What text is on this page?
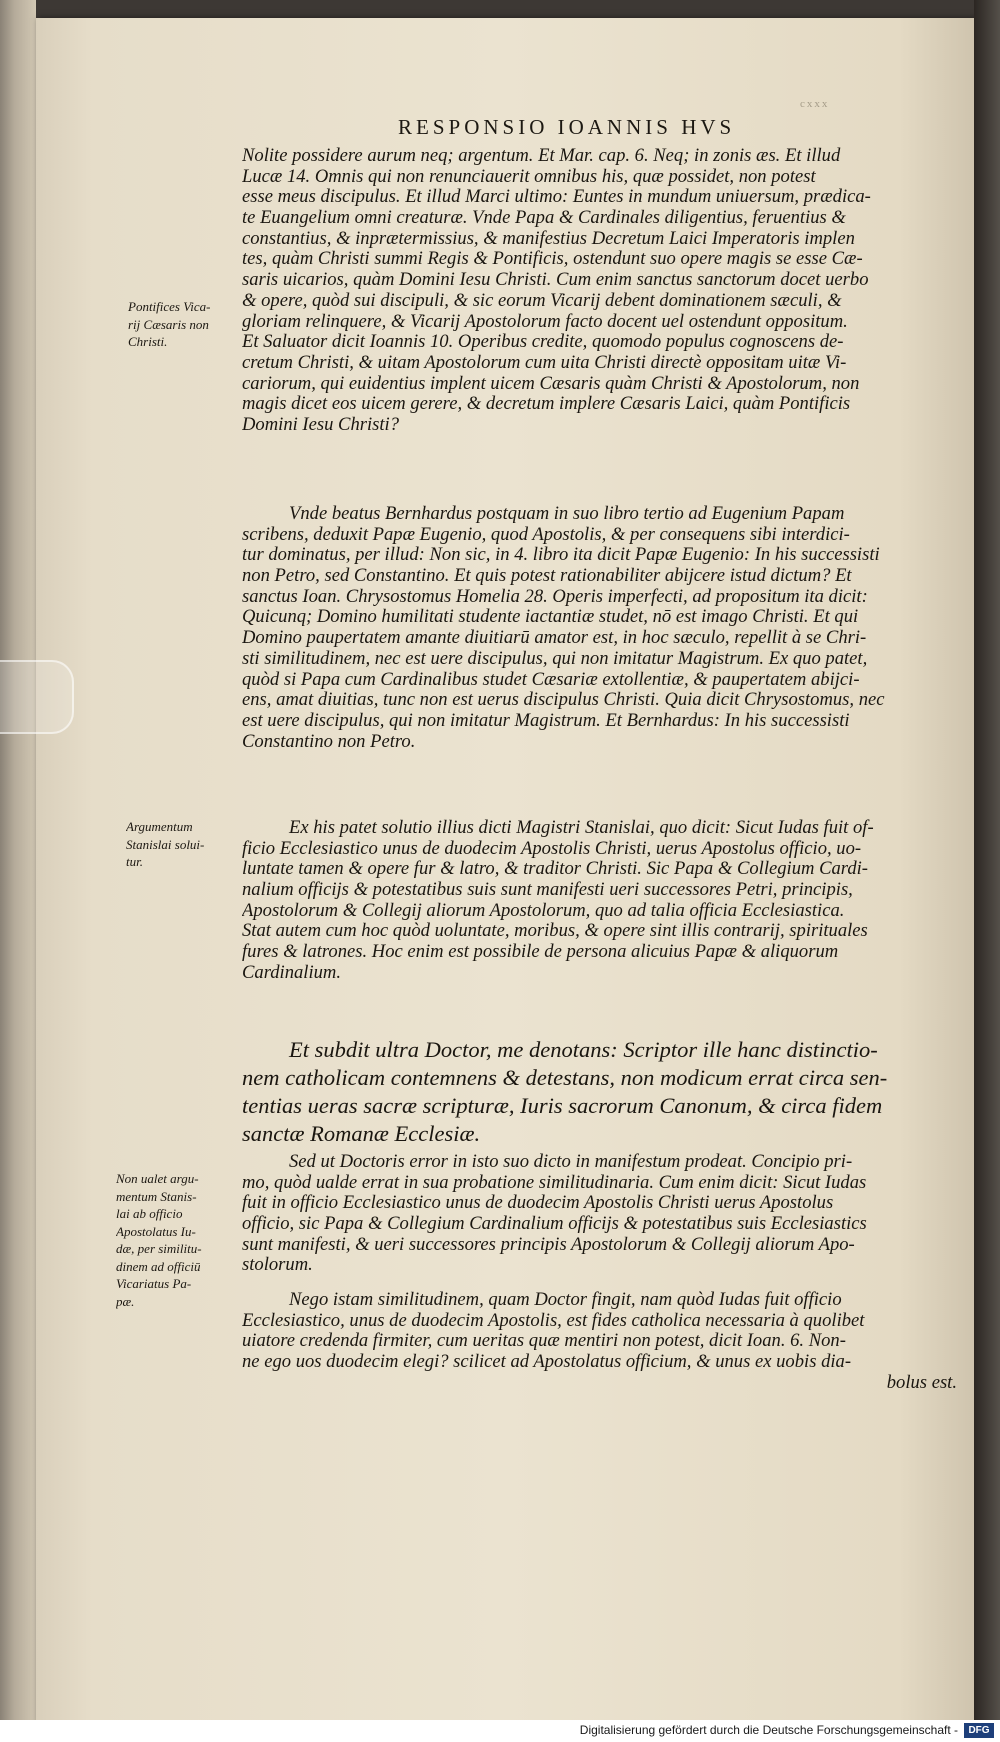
cxxx
RESPONSIO IOANNIS HVS
Nolite possidere aurum neq; argentum. Et Mar. cap. 6. Neq; in zonis æs. Et illud
Lucæ 14. Omnis qui non renunciauerit omnibus his, quæ possidet, non potest
esse meus discipulus. Et illud Marci ultimo: Euntes in mundum uniuersum, prædica-
te Euangelium omni creaturæ. Vnde Papa & Cardinales diligentius, feruentius &
constantius, & inprætermissius, & manifestius Decretum Laici Imperatoris implen
tes, quàm Christi summi Regis & Pontificis, ostendunt suo opere magis se esse Cæ-
saris uicarios, quàm Domini Iesu Christi. Cum enim sanctus sanctorum docet uerbo
& opere, quòd sui discipuli, & sic eorum Vicarij debent dominationem sæculi, &
gloriam relinquere, & Vicarij Apostolorum facto docent uel ostendunt oppositum.
Et Saluator dicit Ioannis 10. Operibus credite, quomodo populus cognoscens de-
cretum Christi, & uitam Apostolorum cum uita Christi directè oppositam uitæ Vi-
cariorum, qui euidentius implent uicem Cæsaris quàm Christi & Apostolorum, non
magis dicet eos uicem gerere, & decretum implere Cæsaris Laici, quàm Pontificis
Domini Iesu Christi?
Vnde beatus Bernhardus postquam in suo libro tertio ad Eugenium Papam
scribens, deduxit Papæ Eugenio, quod Apostolis, & per consequens sibi interdici-
tur dominatus, per illud: Non sic, in 4. libro ita dicit Papæ Eugenio: In his successisti
non Petro, sed Constantino. Et quis potest rationabiliter abijcere istud dictum? Et
sanctus Ioan. Chrysostomus Homelia 28. Operis imperfecti, ad propositum ita dicit:
Quicunq; Domino humilitati studente iactantiæ studet, nō est imago Christi. Et qui
Domino paupertatem amante diuitiarū amator est, in hoc sæculo, repellit à se Chri-
sti similitudinem, nec est uere discipulus, qui non imitatur Magistrum. Ex quo patet,
quòd si Papa cum Cardinalibus studet Cæsariæ extollentiæ, & paupertatem abijci-
ens, amat diuitias, tunc non est uerus discipulus Christi. Quia dicit Chrysostomus, nec
est uere discipulus, qui non imitatur Magistrum. Et Bernhardus: In his successisti
Constantino non Petro.
Ex his patet solutio illius dicti Magistri Stanislai, quo dicit: Sicut Iudas fuit of-
ficio Ecclesiastico unus de duodecim Apostolis Christi, uerus Apostolus officio, uo-
luntate tamen & opere fur & latro, & traditor Christi. Sic Papa & Collegium Cardi-
nalium officijs & potestatibus suis sunt manifesti ueri successores Petri, principis,
Apostolorum & Collegij aliorum Apostolorum, quo ad talia officia Ecclesiastica.
Stat autem cum hoc quòd uoluntate, moribus, & opere sint illis contrarij, spirituales
fures & latrones. Hoc enim est possibile de persona alicuius Papæ & aliquorum
Cardinalium.
Et subdit ultra Doctor, me denotans: Scriptor ille hanc distinctio-
nem catholicam contemnens & detestans, non modicum errat circa sen-
tentias ueras sacræ scripturæ, Iuris sacrorum Canonum, & circa fidem
sanctæ Romanæ Ecclesiæ.
Sed ut Doctoris error in isto suo dicto in manifestum prodeat. Concipio pri-
mo, quòd ualde errat in sua probatione similitudinaria. Cum enim dicit: Sicut Iudas
fuit in officio Ecclesiastico unus de duodecim Apostolis Christi uerus Apostolus
officio, sic Papa & Collegium Cardinalium officijs & potestatibus suis Ecclesiastics
sunt manifesti, & ueri successores principis Apostolorum & Collegij aliorum Apo-
stolorum.
Nego istam similitudinem, quam Doctor fingit, nam quòd Iudas fuit officio
Ecclesiastico, unus de duodecim Apostolis, est fides catholica necessaria à quolibet
uiatore credenda firmiter, cum ueritas quæ mentiri non potest, dicit Ioan. 6. Non-
ne ego uos duodecim elegi? scilicet ad Apostolatus officium, & unus ex uobis dia-
bolus est.
Pontifices Vica-
rij Cæsaris non
Christi.
Argumentum
Stanislai solui-
tur.
Non ualet argu-
mentum Stanis-
lai ab officio
Apostolatus Iu-
dæ, per similitu-
dinem ad officiū
Vicariatus Pa-
pæ.
Digitalisierung gefördert durch die Deutsche Forschungsgemeinschaft -	DFG
